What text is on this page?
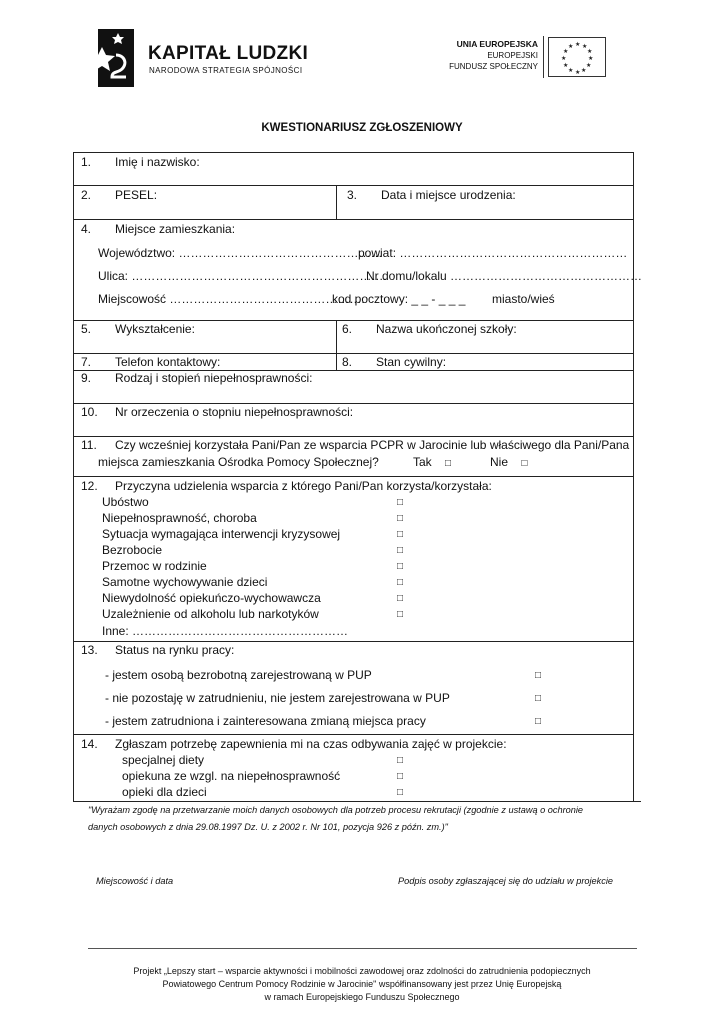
KAPITAŁ LUDZKI
NARODOWA STRATEGIA SPÓJNOŚCI
UNIA EUROPEJSKA
EUROPEJSKI
FUNDUSZ SPOŁECZNY
★ ★
★
★
★
★
★
★
★
★
★
★
KWESTIONARIUSZ ZGŁOSZENIOWY
1. Imię i nazwisko:
2. PESEL:	3. Data i miejsce urodzenia:
4. Miejsce zamieszkania:
Województwo: ……………………………………………
powiat: …………………………………………………
Ulica: ……………………………………………………….
Nr domu/lokalu …………………………………………
Miejscowość ………………………………………….
kod pocztowy: _ _ - _ _ _ miasto/wieś
5. Wykształcenie:	6. Nazwa ukończonej szkoły:
7. Telefon kontaktowy:	8. Stan cywilny:
9. Rodzaj i stopień niepełnosprawności:
10. Nr orzeczenia o stopniu niepełnosprawności:
11. Czy wcześniej korzystała Pani/Pan ze wsparcia PCPR w Jarocinie lub właściwego dla Pani/Pana
miejsca zamieszkania Ośrodka Pomocy Społecznej?	Tak □	Nie □
12. Przyczyna udzielenia wsparcia z którego Pani/Pan korzysta/korzystała:
Ubóstwo	□
Niepełnosprawność, choroba	□
Sytuacja wymagająca interwencji kryzysowej	□
Bezrobocie	□
Przemoc w rodzinie	□
Samotne wychowywanie dzieci	□
Niewydolność opiekuńczo-wychowawcza	□
Uzależnienie od alkoholu lub narkotyków	□
Inne: ………………………………………………
13. Status na rynku pracy:
- jestem osobą bezrobotną zarejestrowaną w PUP	□
- nie pozostaję w zatrudnieniu, nie jestem zarejestrowana w PUP	□
- jestem zatrudniona i zainteresowana zmianą miejsca pracy	□
14. Zgłaszam potrzebę zapewnienia mi na czas odbywania zajęć w projekcie:
specjalnej diety	□
opiekuna ze wzgl. na niepełnosprawność	□
opieki dla dzieci	□
"Wyrażam zgodę na przetwarzanie moich danych osobowych dla potrzeb procesu rekrutacji (zgodnie z ustawą o ochronie
danych osobowych z dnia 29.08.1997 Dz. U. z 2002 r. Nr 101, pozycja 926 z późn. zm.)"
Miejscowość i data	Podpis osoby zgłaszającej się do udziału w projekcie
Projekt „Lepszy start – wsparcie aktywności i mobilności zawodowej oraz zdolności do zatrudnienia podopiecznych
Powiatowego Centrum Pomocy Rodzinie w Jarocinie" współfinansowany jest przez Unię Europejską
w ramach Europejskiego Funduszu Społecznego
